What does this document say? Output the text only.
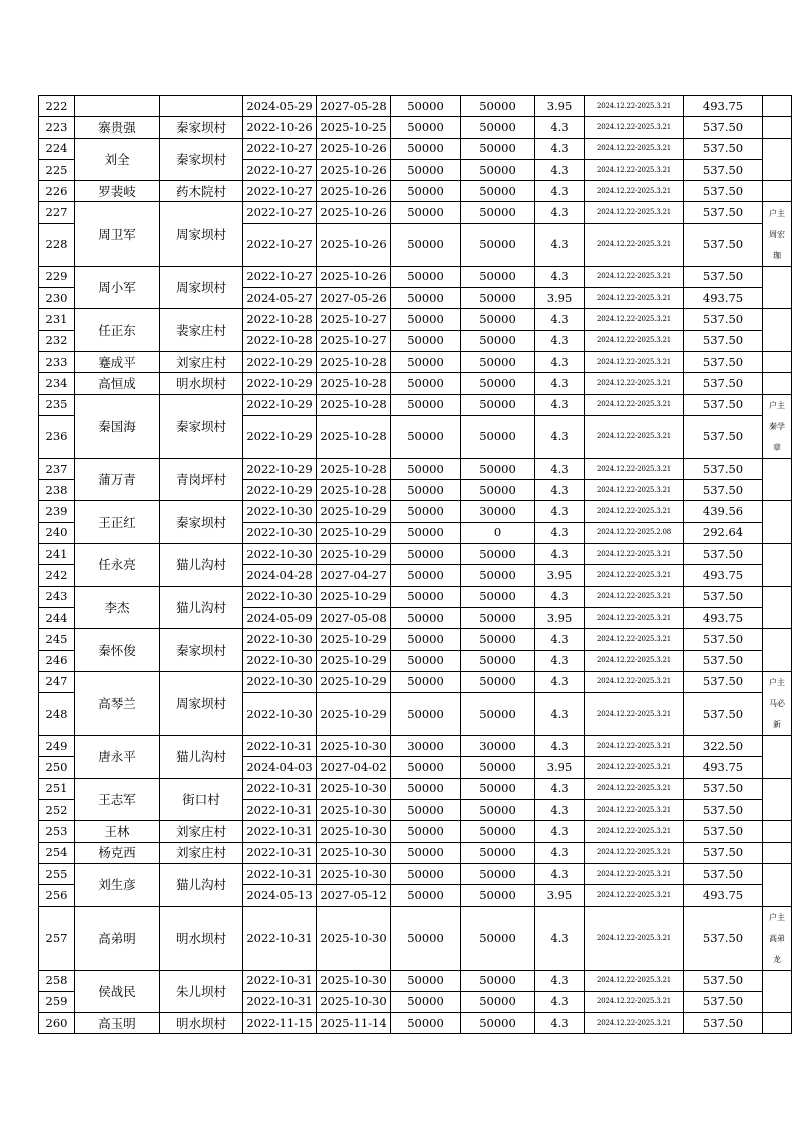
222			2024-05-29	2027-05-28	50000	50000	3.95	2024.12.22-2025.3.21	493.75	
223	寨贵强	秦家坝村	2022-10-26	2025-10-25	50000	50000	4.3	2024.12.22-2025.3.21	537.50	
224	刘全	秦家坝村	2022-10-27	2025-10-26	50000	50000	4.3	2024.12.22-2025.3.21	537.50	
225			2022-10-27	2025-10-26	50000	50000	4.3	2024.12.22-2025.3.21	537.50	
226	罗裴岐	药木院村	2022-10-27	2025-10-26	50000	50000	4.3	2024.12.22-2025.3.21	537.50	
227	周卫军	周家坝村	2022-10-27	2025-10-26	50000	50000	4.3	2024.12.22-2025.3.21	537.50	户主
周宏
珈

228			2022-10-27	2025-10-26	50000	50000	4.3	2024.12.22-2025.3.21	537.50	
229	周小军	周家坝村	2022-10-27	2025-10-26	50000	50000	4.3	2024.12.22-2025.3.21	537.50	
230			2024-05-27	2027-05-26	50000	50000	3.95	2024.12.22-2025.3.21	493.75	
231	任正东	裴家庄村	2022-10-28	2025-10-27	50000	50000	4.3	2024.12.22-2025.3.21	537.50	
232			2022-10-28	2025-10-27	50000	50000	4.3	2024.12.22-2025.3.21	537.50	
233	蹇成平	刘家庄村	2022-10-29	2025-10-28	50000	50000	4.3	2024.12.22-2025.3.21	537.50	
234	高恒成	明水坝村	2022-10-29	2025-10-28	50000	50000	4.3	2024.12.22-2025.3.21	537.50	
235	秦国海	秦家坝村	2022-10-29	2025-10-28	50000	50000	4.3	2024.12.22-2025.3.21	537.50	户主
秦学
章

236			2022-10-29	2025-10-28	50000	50000	4.3	2024.12.22-2025.3.21	537.50	
237	蒲万青	青岗坪村	2022-10-29	2025-10-28	50000	50000	4.3	2024.12.22-2025.3.21	537.50	
238			2022-10-29	2025-10-28	50000	50000	4.3	2024.12.22-2025.3.21	537.50	
239	王正红	秦家坝村	2022-10-30	2025-10-29	50000	30000	4.3	2024.12.22-2025.3.21	439.56	
240			2022-10-30	2025-10-29	50000	0	4.3	2024.12.22-2025.2.08	292.64	
241	任永亮	猫儿沟村	2022-10-30	2025-10-29	50000	50000	4.3	2024.12.22-2025.3.21	537.50	
242			2024-04-28	2027-04-27	50000	50000	3.95	2024.12.22-2025.3.21	493.75	
243	李杰	猫儿沟村	2022-10-30	2025-10-29	50000	50000	4.3	2024.12.22-2025.3.21	537.50	
244			2024-05-09	2027-05-08	50000	50000	3.95	2024.12.22-2025.3.21	493.75	
245	秦怀俊	秦家坝村	2022-10-30	2025-10-29	50000	50000	4.3	2024.12.22-2025.3.21	537.50	
246			2022-10-30	2025-10-29	50000	50000	4.3	2024.12.22-2025.3.21	537.50	
247	高琴兰	周家坝村	2022-10-30	2025-10-29	50000	50000	4.3	2024.12.22-2025.3.21	537.50	户主
马必
新

248			2022-10-30	2025-10-29	50000	50000	4.3	2024.12.22-2025.3.21	537.50	
249	唐永平	猫儿沟村	2022-10-31	2025-10-30	30000	30000	4.3	2024.12.22-2025.3.21	322.50	
250			2024-04-03	2027-04-02	50000	50000	3.95	2024.12.22-2025.3.21	493.75	
251	王志军	街口村	2022-10-31	2025-10-30	50000	50000	4.3	2024.12.22-2025.3.21	537.50	
252			2022-10-31	2025-10-30	50000	50000	4.3	2024.12.22-2025.3.21	537.50	
253	王林	刘家庄村	2022-10-31	2025-10-30	50000	50000	4.3	2024.12.22-2025.3.21	537.50	
254	杨克西	刘家庄村	2022-10-31	2025-10-30	50000	50000	4.3	2024.12.22-2025.3.21	537.50	
255	刘生彦	猫儿沟村	2022-10-31	2025-10-30	50000	50000	4.3	2024.12.22-2025.3.21	537.50	
256			2024-05-13	2027-05-12	50000	50000	3.95	2024.12.22-2025.3.21	493.75	
257	高弟明	明水坝村	2022-10-31	2025-10-30	50000	50000	4.3	2024.12.22-2025.3.21	537.50	户主
高弟
龙

258	侯战民	朱儿坝村	2022-10-31	2025-10-30	50000	50000	4.3	2024.12.22-2025.3.21	537.50	
259			2022-10-31	2025-10-30	50000	50000	4.3	2024.12.22-2025.3.21	537.50	
260	高玉明	明水坝村	2022-11-15	2025-11-14	50000	50000	4.3	2024.12.22-2025.3.21	537.50	
